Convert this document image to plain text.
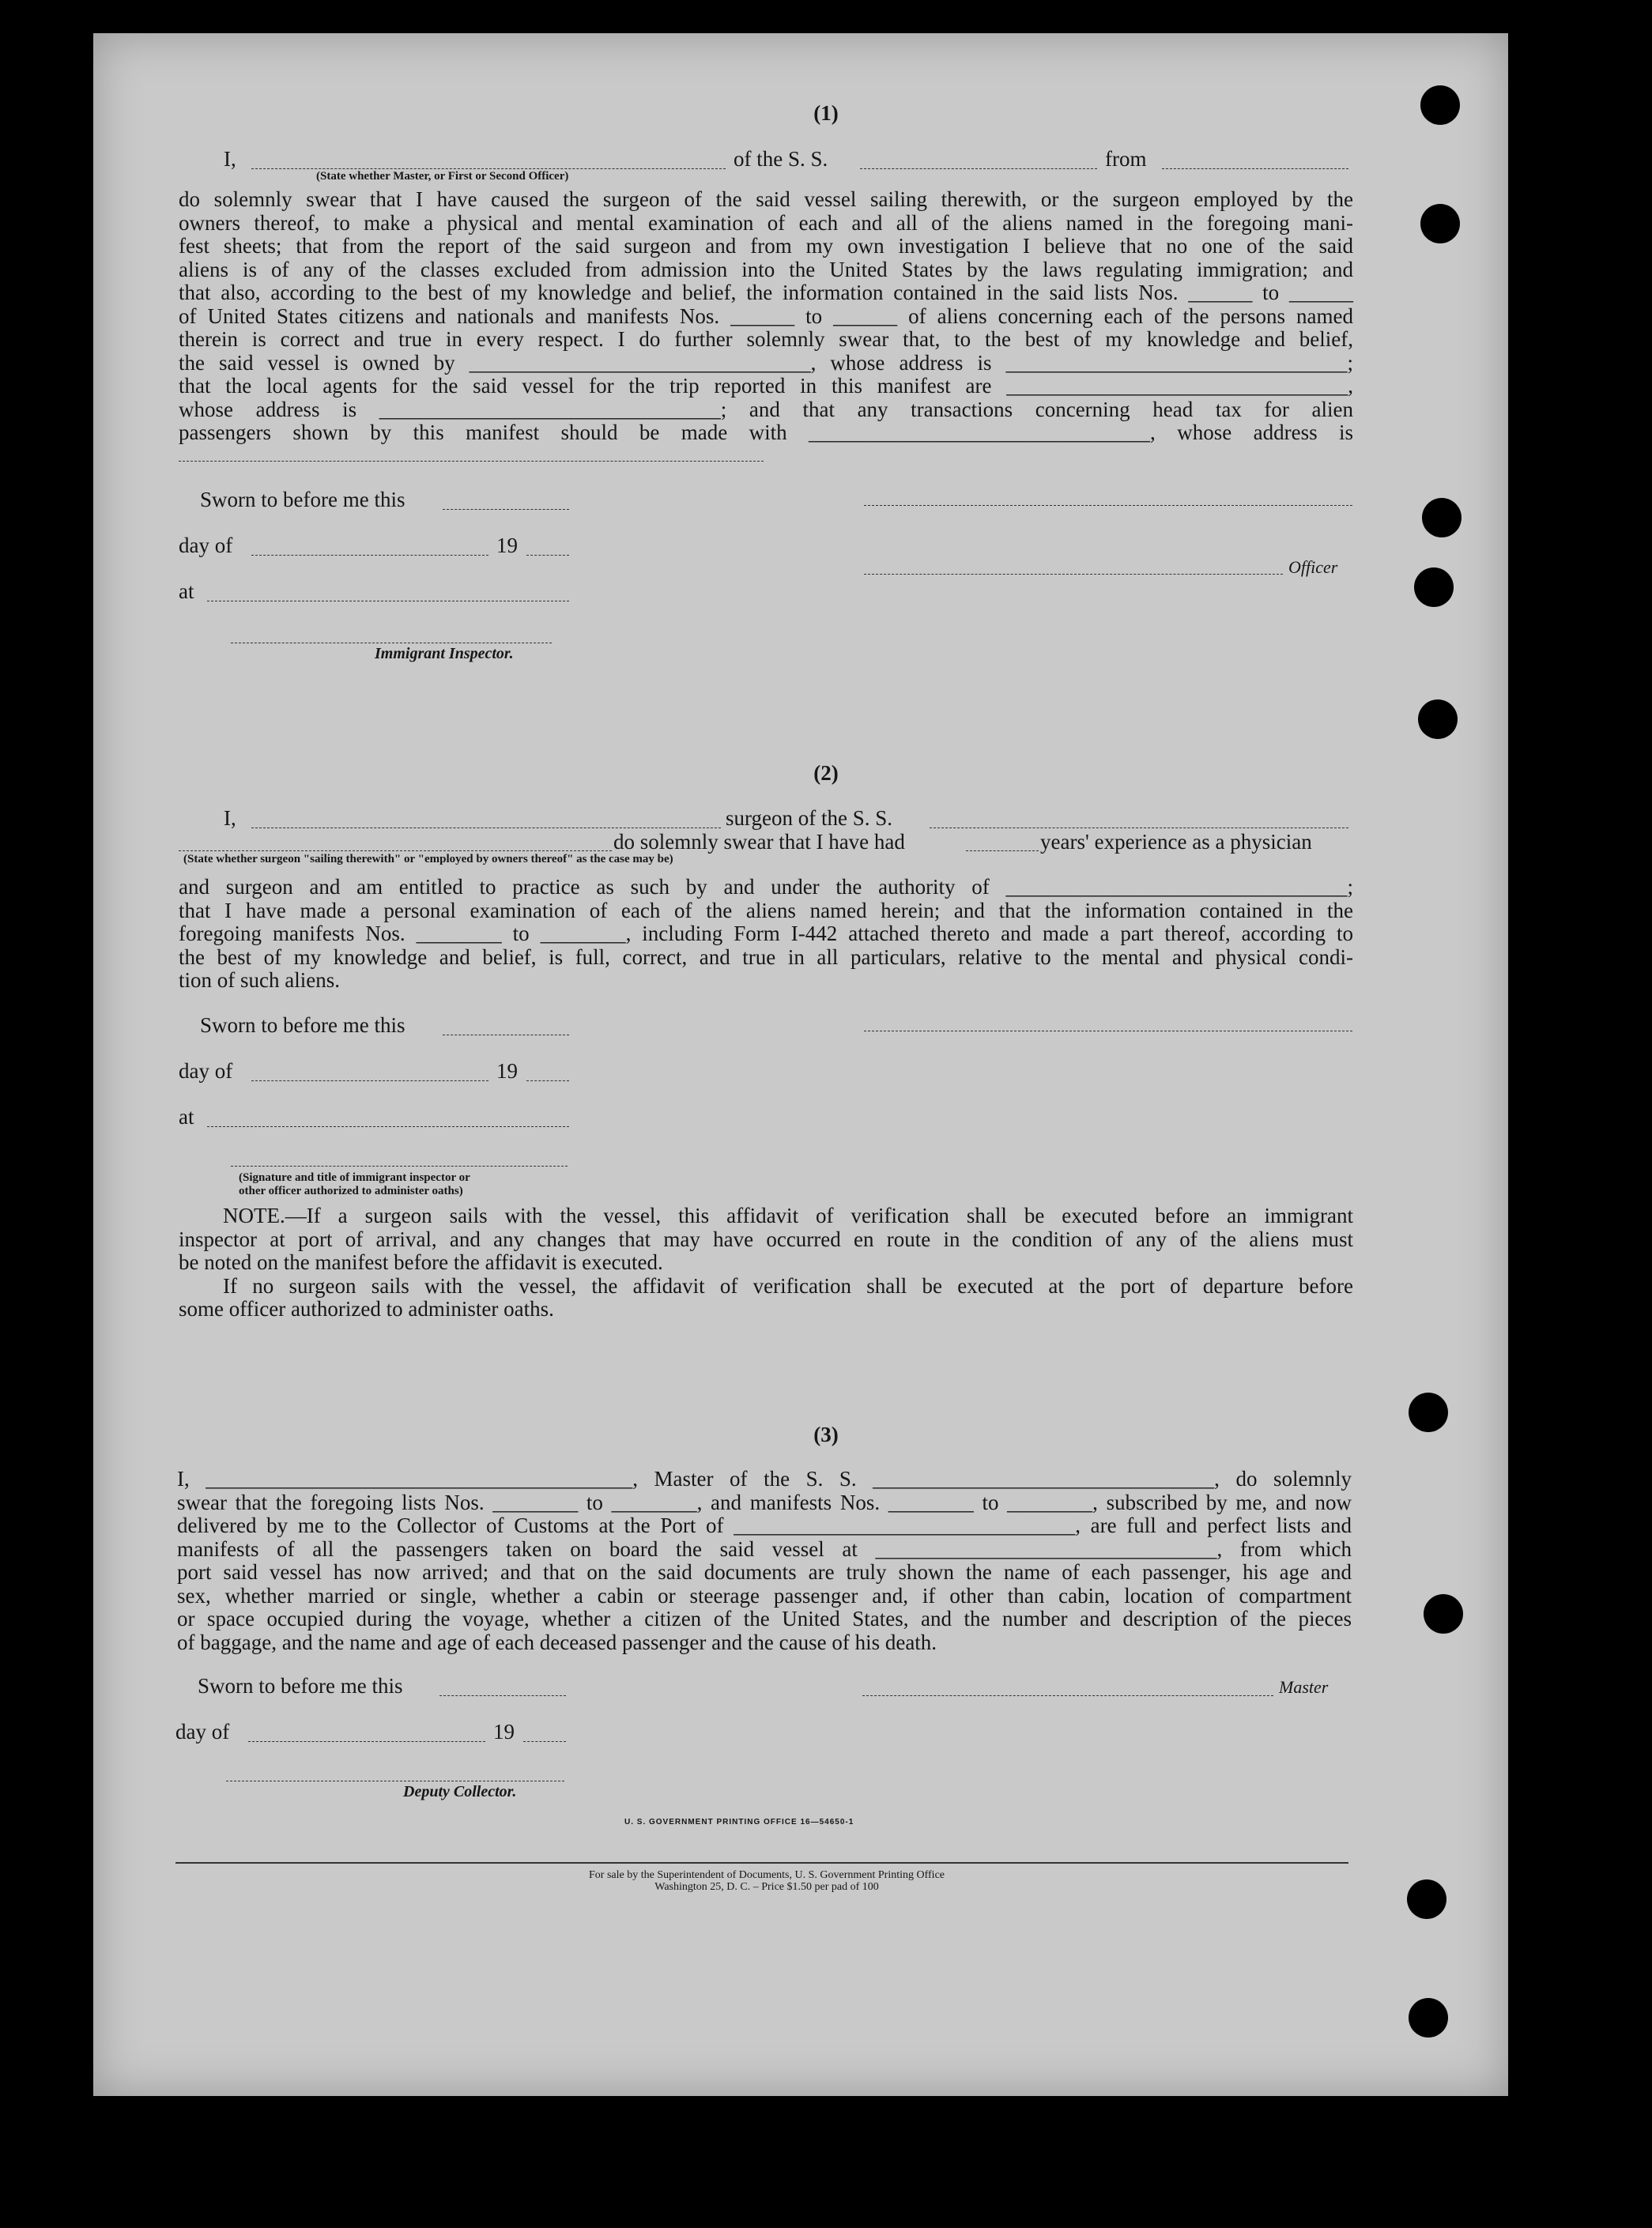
(1)
I,	of the S. S.	from
(State whether Master, or First or Second Officer)
do solemnly swear that I have caused the surgeon of the said vessel sailing therewith, or the surgeon employed by the
owners thereof, to make a physical and mental examination of each and all of the aliens named in the foregoing mani-
fest sheets; that from the report of the said surgeon and from my own investigation I believe that no one of the said
aliens is of any of the classes excluded from admission into the United States by the laws regulating immigration; and
that also, according to the best of my knowledge and belief, the information contained in the said lists Nos. ______ to ______
of United States citizens and nationals and manifests Nos. ______ to ______ of aliens concerning each of the persons named
therein is correct and true in every respect. I do further solemnly swear that, to the best of my knowledge and belief,
the said vessel is owned by ________________________________, whose address is ________________________________;
that the local agents for the said vessel for the trip reported in this manifest are ________________________________,
whose address is ________________________________; and that any transactions concerning head tax for alien
passengers shown by this manifest should be made with ________________________________, whose address is
Sworn to before me this
day of	19
Officer
at
Immigrant Inspector.
(2)
I,	surgeon of the S. S.
do solemnly swear that I have had	years' experience as a physician
(State whether surgeon "sailing therewith" or "employed by owners thereof" as the case may be)
and surgeon and am entitled to practice as such by and under the authority of ________________________________;
that I have made a personal examination of each of the aliens named herein; and that the information contained in the
foregoing manifests Nos. ________ to ________, including Form I-442 attached thereto and made a part thereof, according to
the best of my knowledge and belief, is full, correct, and true in all particulars, relative to the mental and physical condi-
tion of such aliens.
Sworn to before me this
day of	19
at
(Signature and title of immigrant inspector or
other officer authorized to administer oaths)
NOTE.—If a surgeon sails with the vessel, this affidavit of verification shall be executed before an immigrant
inspector at port of arrival, and any changes that may have occurred en route in the condition of any of the aliens must
be noted on the manifest before the affidavit is executed.
If no surgeon sails with the vessel, the affidavit of verification shall be executed at the port of departure before
some officer authorized to administer oaths.
(3)
I, ________________________________________, Master of the S. S. ________________________________, do solemnly
swear that the foregoing lists Nos. ________ to ________, and manifests Nos. ________ to ________, subscribed by me, and now
delivered by me to the Collector of Customs at the Port of ________________________________, are full and perfect lists and
manifests of all the passengers taken on board the said vessel at ________________________________, from which
port said vessel has now arrived; and that on the said documents are truly shown the name of each passenger, his age and
sex, whether married or single, whether a cabin or steerage passenger and, if other than cabin, location of compartment
or space occupied during the voyage, whether a citizen of the United States, and the number and description of the pieces
of baggage, and the name and age of each deceased passenger and the cause of his death.
Sworn to before me this	Master
day of	19
Deputy Collector.
U. S. GOVERNMENT PRINTING OFFICE 16—54650-1
For sale by the Superintendent of Documents, U. S. Government Printing Office
Washington 25, D. C. – Price $1.50 per pad of 100
